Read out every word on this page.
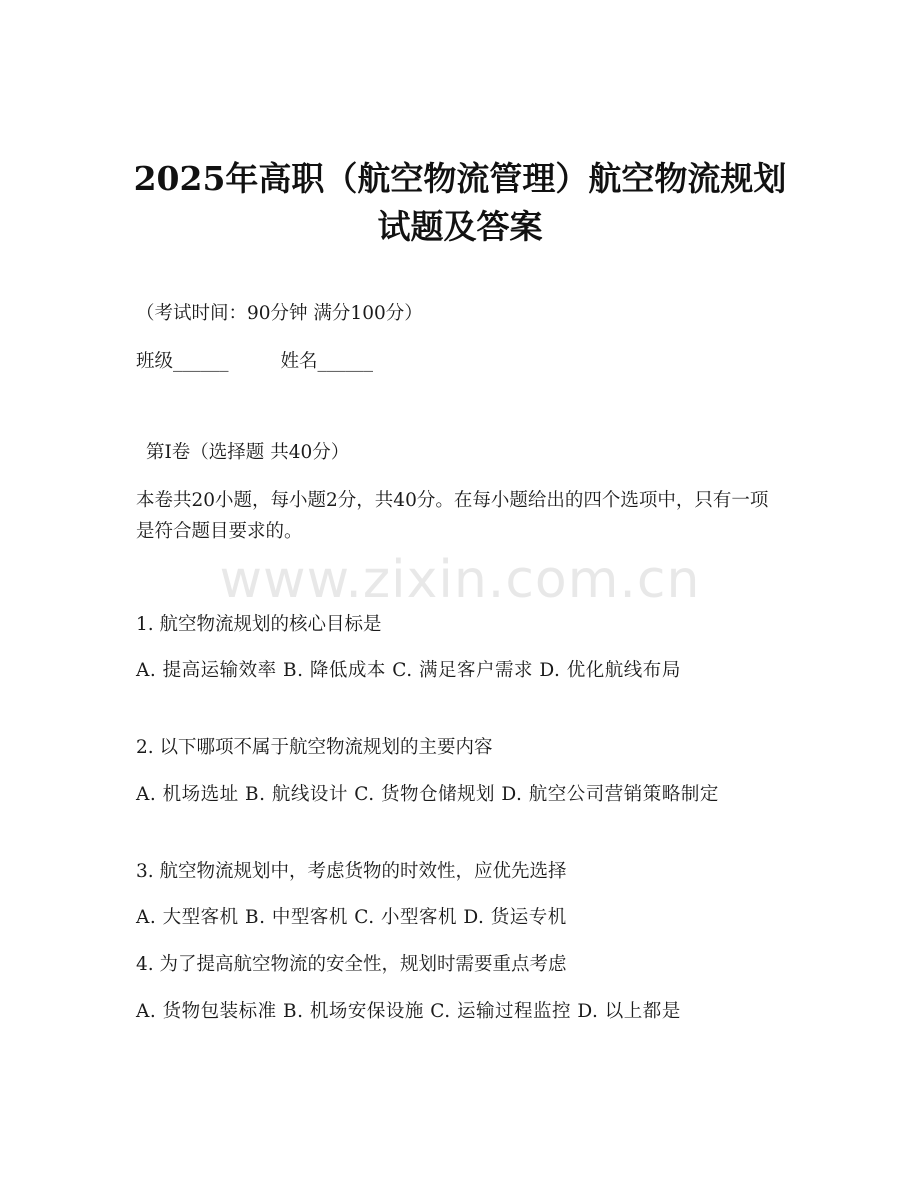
2025年高职（航空物流管理）航空物流规划
试题及答案
（考试时间：90分钟 满分100分）
班级______	姓名______
第I卷（选择题 共40分）
本卷共20小题，每小题2分，共40分。在每小题给出的四个选项中，只有一项是符合题目要求的。
1. 航空物流规划的核心目标是
A. 提高运输效率 B. 降低成本 C. 满足客户需求 D. 优化航线布局
2. 以下哪项不属于航空物流规划的主要内容
A. 机场选址 B. 航线设计 C. 货物仓储规划 D. 航空公司营销策略制定
3. 航空物流规划中，考虑货物的时效性，应优先选择
A. 大型客机 B. 中型客机 C. 小型客机 D. 货运专机
4. 为了提高航空物流的安全性，规划时需要重点考虑
A. 货物包装标准 B. 机场安保设施 C. 运输过程监控 D. 以上都是
www.zixin.com.cn
